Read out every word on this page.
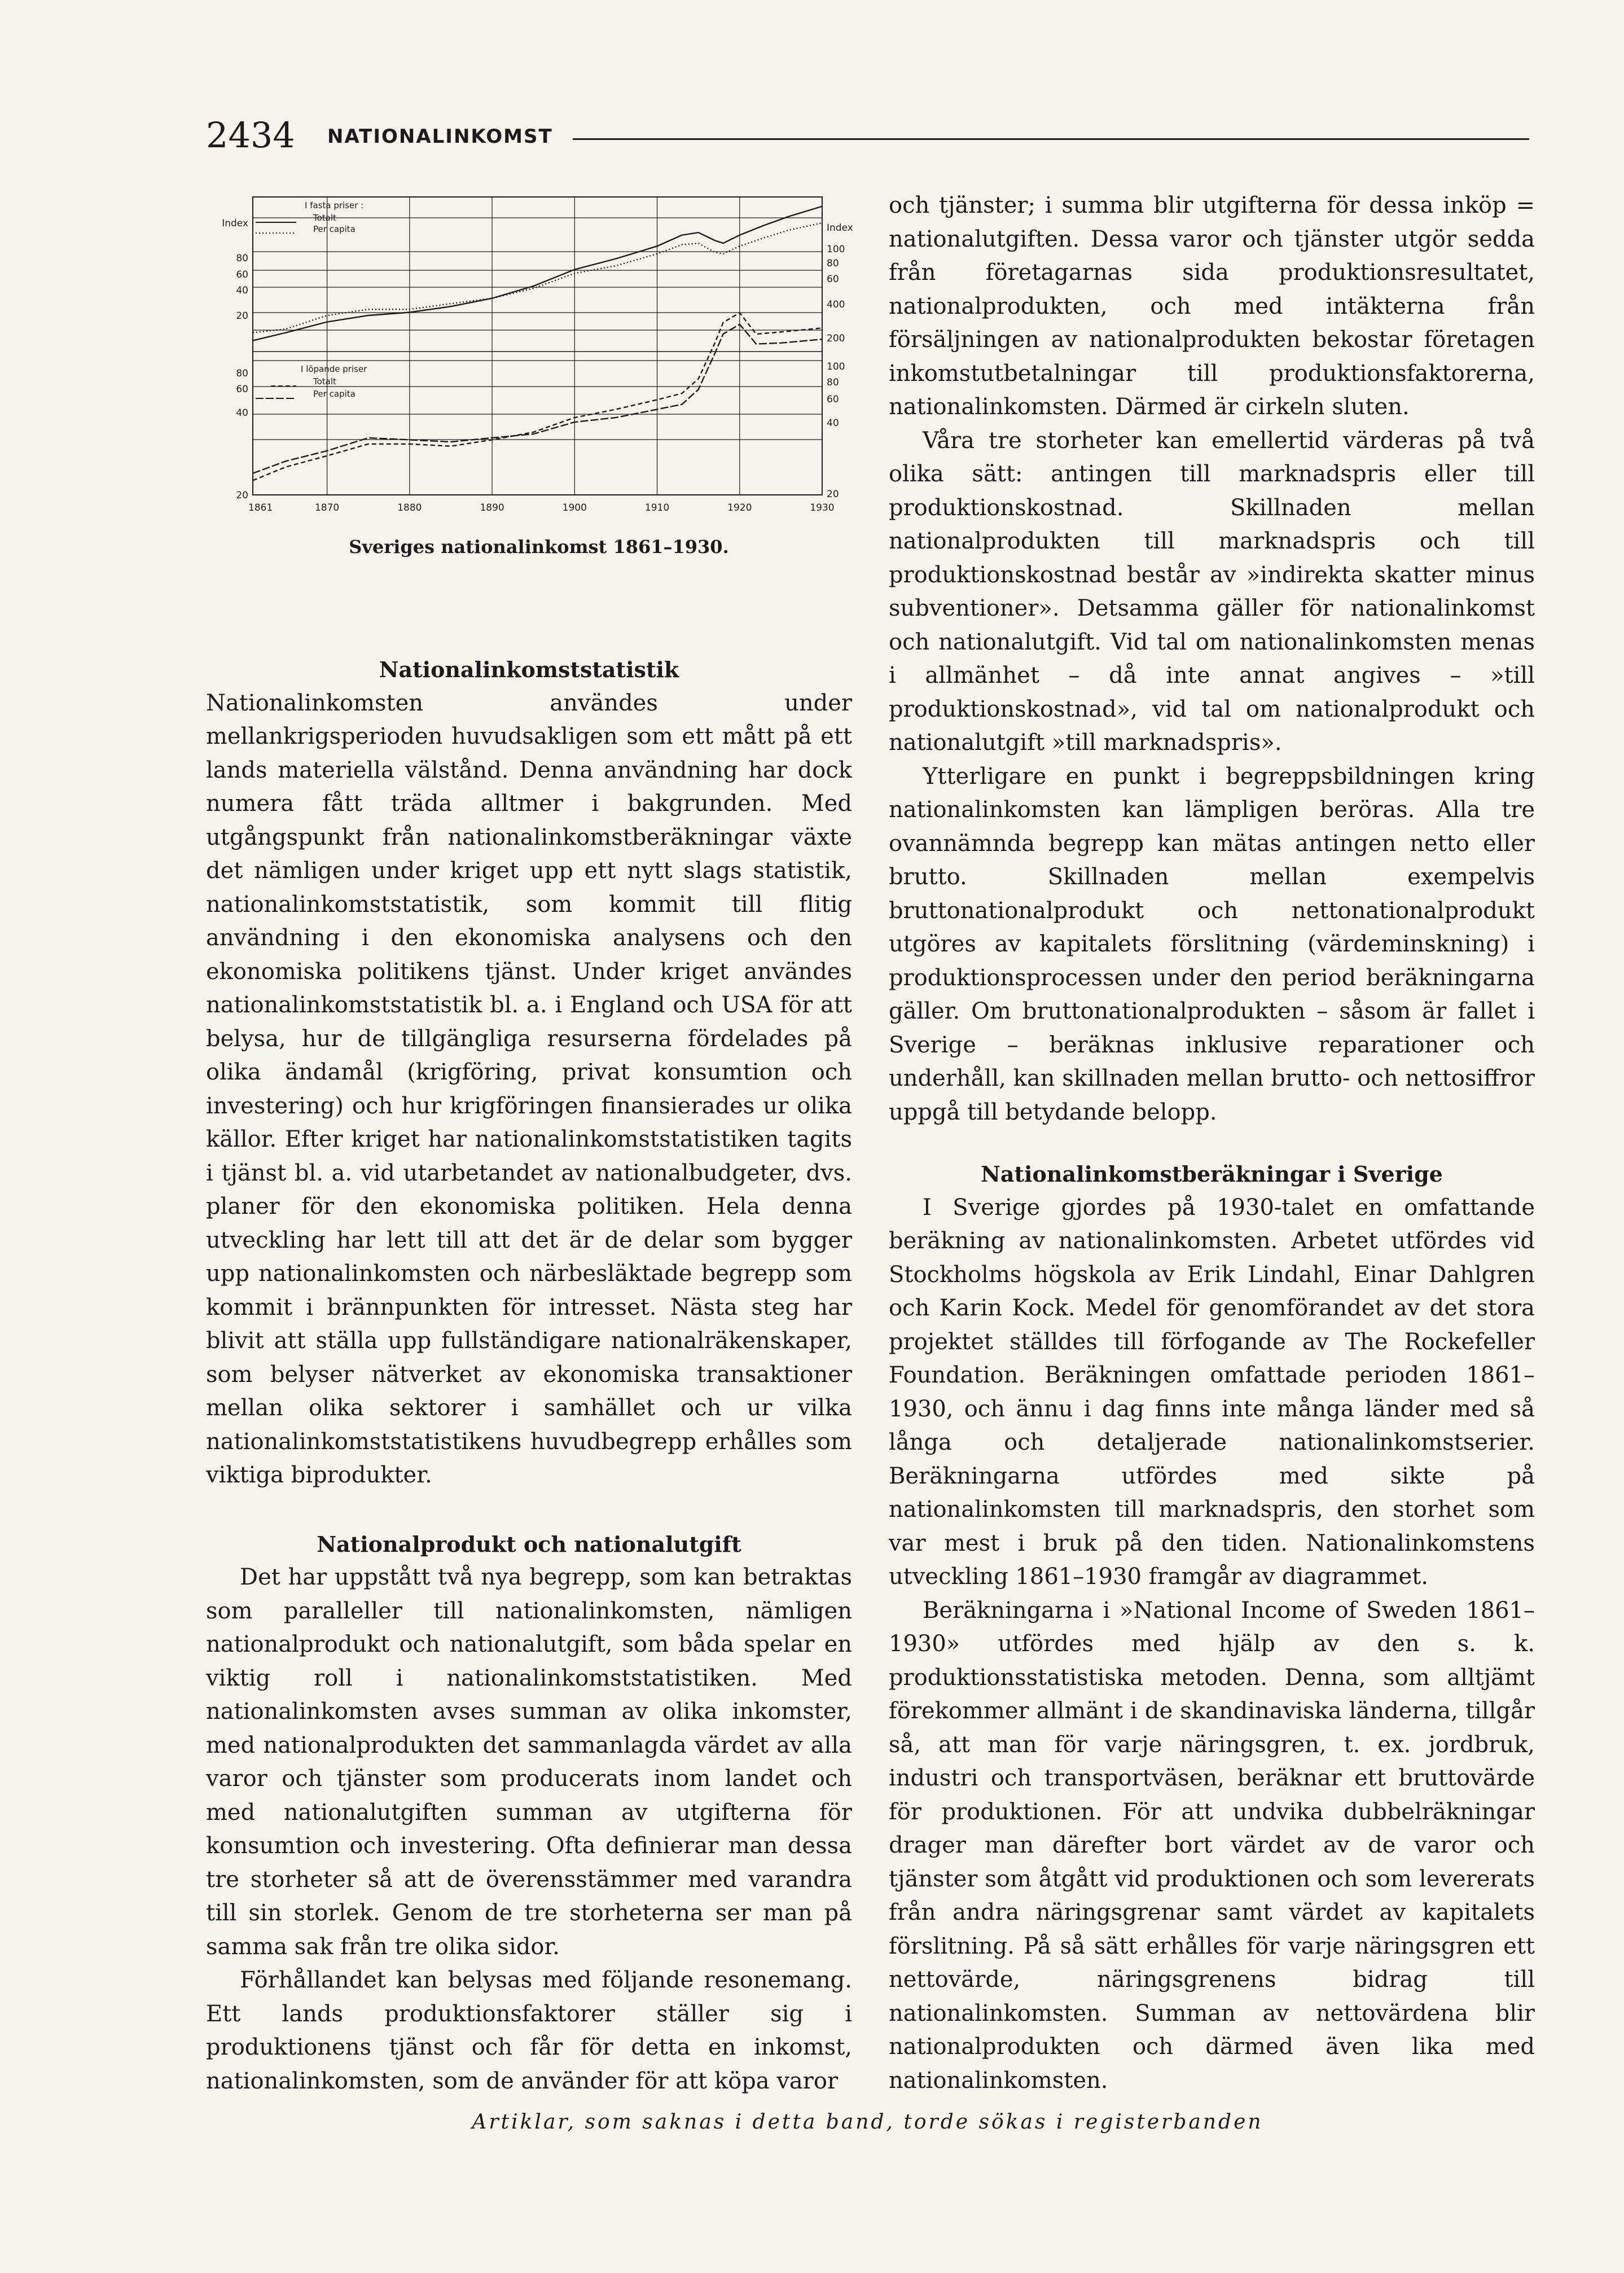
2434 NATIONALINKOMST
1861	1870	1880	1890	1900	1910	1920	1930
Index
80
60
40
20
80
60
40
20
Index
100
80
60
400
200
100
80
60
40
20
I fasta priser :
Totalt
Per capita
I löpande priser
Totalt
Per capita
Sveriges nationalinkomst 1861–1930.
Nationalinkomststatistik

Nationalinkomsten användes under mellankrigsperioden huvudsakligen som ett mått på ett lands materiella välstånd. Denna användning har dock numera fått träda alltmer i bakgrunden. Med utgångspunkt från nationalinkomstberäkningar växte det nämligen under kriget upp ett nytt slags statistik, nationalinkomststatistik, som kommit till flitig användning i den ekonomiska analysens och den ekonomiska politikens tjänst. Under kriget användes nationalinkomststatistik bl. a. i England och USA för att belysa, hur de tillgängliga resurserna fördelades på olika ändamål (krigföring, privat konsumtion och investering) och hur krigföringen finansierades ur olika källor. Efter kriget har nationalinkomststatistiken tagits i tjänst bl. a. vid utarbetandet av nationalbudgeter, dvs. planer för den ekonomiska politiken. Hela denna utveckling har lett till att det är de delar som bygger upp nationalinkomsten och närbesläktade begrepp som kommit i brännpunkten för intresset. Nästa steg har blivit att ställa upp fullständigare nationalräkenskaper, som belyser nätverket av ekonomiska transaktioner mellan olika sektorer i samhället och ur vilka nationalinkomststatistikens huvudbegrepp erhålles som viktiga biprodukter.

Nationalprodukt och nationalutgift

Det har uppstått två nya begrepp, som kan betraktas som paralleller till nationalinkomsten, nämligen nationalprodukt och nationalutgift, som båda spelar en viktig roll i nationalinkomststatistiken. Med nationalinkomsten avses summan av olika inkomster, med nationalprodukten det sammanlagda värdet av alla varor och tjänster som producerats inom landet och med nationalutgiften summan av utgifterna för konsumtion och investering. Ofta definierar man dessa tre storheter så att de överensstämmer med varandra till sin storlek. Genom de tre storheterna ser man på samma sak från tre olika sidor.

Förhållandet kan belysas med följande resonemang. Ett lands produktionsfaktorer ställer sig i produktionens tjänst och får för detta en inkomst, nationalinkomsten, som de använder för att köpa varor

och tjänster; i summa blir utgifterna för dessa inköp = nationalutgiften. Dessa varor och tjänster utgör sedda från företagarnas sida produktionsresultatet, nationalprodukten, och med intäkterna från försäljningen av nationalprodukten bekostar företagen inkomstutbetalningar till produktionsfaktorerna, nationalinkomsten. Därmed är cirkeln sluten.

Våra tre storheter kan emellertid värderas på två olika sätt: antingen till marknadspris eller till produktionskostnad. Skillnaden mellan nationalprodukten till marknadspris och till produktionskostnad består av »indirekta skatter minus subventioner». Detsamma gäller för nationalinkomst och nationalutgift. Vid tal om nationalinkomsten menas i allmänhet – då inte annat angives – »till produktionskostnad», vid tal om nationalprodukt och nationalutgift »till marknadspris».

Ytterligare en punkt i begreppsbildningen kring nationalinkomsten kan lämpligen beröras. Alla tre ovannämnda begrepp kan mätas antingen netto eller brutto. Skillnaden mellan exempelvis bruttonationalprodukt och nettonationalprodukt utgöres av kapitalets förslitning (värdeminskning) i produktionsprocessen under den period beräkningarna gäller. Om bruttonationalprodukten – såsom är fallet i Sverige – beräknas inklusive reparationer och underhåll, kan skillnaden mellan brutto- och nettosiffror uppgå till betydande belopp.

Nationalinkomstberäkningar i Sverige

I Sverige gjordes på 1930-talet en omfattande beräkning av nationalinkomsten. Arbetet utfördes vid Stockholms högskola av Erik Lindahl, Einar Dahlgren och Karin Kock. Medel för genomförandet av det stora projektet ställdes till förfogande av The Rockefeller Foundation. Beräkningen omfattade perioden 1861–1930, och ännu i dag finns inte många länder med så långa och detaljerade nationalinkomstserier. Beräkningarna utfördes med sikte på nationalinkomsten till marknadspris, den storhet som var mest i bruk på den tiden. Nationalinkomstens utveckling 1861–1930 framgår av diagrammet.

Beräkningarna i »National Income of Sweden 1861–1930» utfördes med hjälp av den s. k. produktionsstatistiska metoden. Denna, som alltjämt förekommer allmänt i de skandinaviska länderna, tillgår så, att man för varje näringsgren, t. ex. jordbruk, industri och transportväsen, beräknar ett bruttovärde för produktionen. För att undvika dubbelräkningar drager man därefter bort värdet av de varor och tjänster som åtgått vid produktionen och som levererats från andra näringsgrenar samt värdet av kapitalets förslitning. På så sätt erhålles för varje näringsgren ett nettovärde, näringsgrenens bidrag till nationalinkomsten. Summan av nettovärdena blir nationalprodukten och därmed även lika med nationalinkomsten.

Artiklar, som saknas i detta band, torde sökas i registerbanden
